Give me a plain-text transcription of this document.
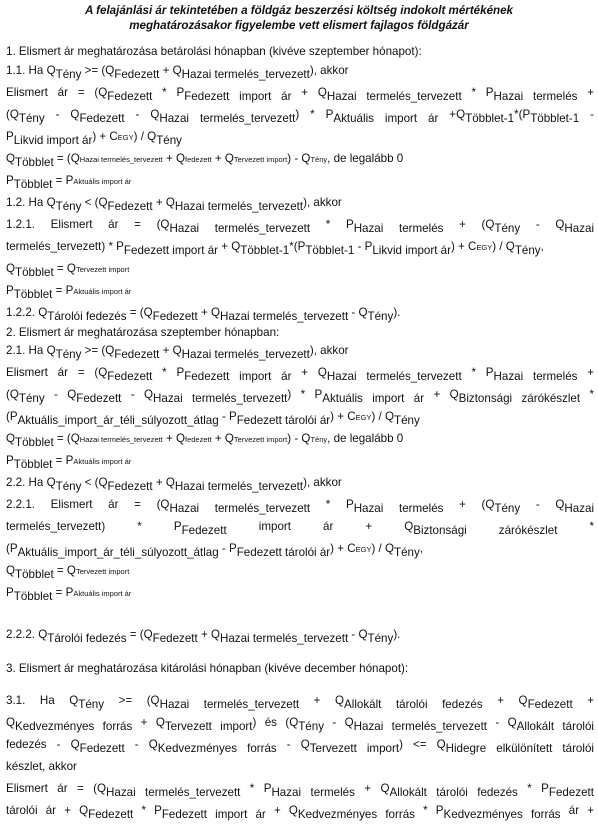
A felajánlási ár tekintetében a földgáz beszerzési költség indokolt mértékének
meghatározásakor figyelembe vett elismert fajlagos földgázár
1. Elismert ár meghatározása betárolási hónapban (kivéve szeptember hónapot):
1.1. Ha $Q_{Tény} >= (Q_{Fedezett} + Q_{Hazai termelés\_tervezett})$, akkor
Elismert ár = ($Q_{Fedezett} * P_{Fedezett import ár} + Q_{Hazai termelés\_tervezett} * P_{Hazai termelés}$ +
$(Q_{Tény} - Q_{Fedezett} - Q_{Hazai termelés\_tervezett}) * P_{Aktuális import ár} +Q_{Többlet-1}*(P_{Többlet-1}$ -
$P_{Likvid import ár}$) + CEGY) / $Q_{Tény}$
$Q_{Többlet}$ = (QHazai termelés_tervezett + Qfedezett + QTervezett import) - QTény, de legalább 0
$P_{Többlet}$ = PAktuális import ár
1.2. Ha $Q_{Tény} < (Q_{Fedezett} + Q_{Hazai termelés\_tervezett})$, akkor
1.2.1. Elismert ár = ($Q_{Hazai termelés\_tervezett} * P_{Hazai termelés} + (Q_{Tény} - Q_{Hazai}$
termelés_tervezett) * $P_{Fedezett import ár} + Q_{Többlet-1}*(P_{Többlet-1} - P_{Likvid import ár})$ + CEGY) / $Q_{Tény}$,
$Q_{Többlet}$ = QTervezett import
$P_{Többlet}$ = PAktuális import ár
1.2.2. $Q_{Tárolói fedezés} = (Q_{Fedezett} + Q_{Hazai termelés\_tervezett} - Q_{Tény})$.
2. Elismert ár meghatározása szeptember hónapban:
2.1. Ha $Q_{Tény} >= (Q_{Fedezett} + Q_{Hazai termelés\_tervezett})$, akkor
Elismert ár = ($Q_{Fedezett} * P_{Fedezett import ár} + Q_{Hazai termelés\_tervezett} * P_{Hazai termelés}$ +
$(Q_{Tény} - Q_{Fedezett} - Q_{Hazai termelés\_tervezett}) * P_{Aktuális import ár} + Q_{Biztonsági zárókészlet}$ *
$(P_{Aktuális\_import\_ár\_téli\_súlyozott\_átlag} - P_{Fedezett tárolói ár})$ + CEGY) / $Q_{Tény}$
$Q_{Többlet}$ = (QHazai termelés_tervezett + Qfedezett + QTervezett import) - QTény, de legalább 0
$P_{Többlet}$ = PAktuális import ár
2.2. Ha $Q_{Tény} < (Q_{Fedezett} + Q_{Hazai termelés\_tervezett})$, akkor
2.2.1. Elismert ár = ($Q_{Hazai termelés\_tervezett} * P_{Hazai termelés} + (Q_{Tény} - Q_{Hazai}$
termelés_tervezett) * $P_{Fedezett}$ import ár + $Q_{Biztonsági zárókészlet}$ *
$(P_{Aktuális\_import\_ár\_téli\_súlyozott\_átlag} - P_{Fedezett tárolói ár})$ + CEGY) / $Q_{Tény}$,
$Q_{Többlet}$ = QTervezett import
$P_{Többlet}$ = PAktuális import ár
2.2.2. $Q_{Tárolói fedezés} = (Q_{Fedezett} + Q_{Hazai termelés\_tervezett} - Q_{Tény})$.
3. Elismert ár meghatározása kitárolási hónapban (kivéve december hónapot):
3.1. Ha $Q_{Tény} >= (Q_{Hazai termelés\_tervezett} + Q_{Allokált tárolói fedezés} + Q_{Fedezett}$ +
$Q_{Kedvezményes forrás} + Q_{Tervezett import}$) és ($Q_{Tény} - Q_{Hazai termelés\_tervezett} - Q_{Allokált tárolói}$
fedezés - $Q_{Fedezett} - Q_{Kedvezményes forrás} - Q_{Tervezett import}) <= Q_{Hidegre elkülönített tárolói}$
készlet, akkor
Elismert ár = ($Q_{Hazai termelés\_tervezett} * P_{Hazai termelés} + Q_{Allokált tárolói fedezés} * P_{Fedezett}$
tárolói ár + $Q_{Fedezett} * P_{Fedezett import ár} + Q_{Kedvezményes forrás} * P_{Kedvezményes forrás}$ ár +
